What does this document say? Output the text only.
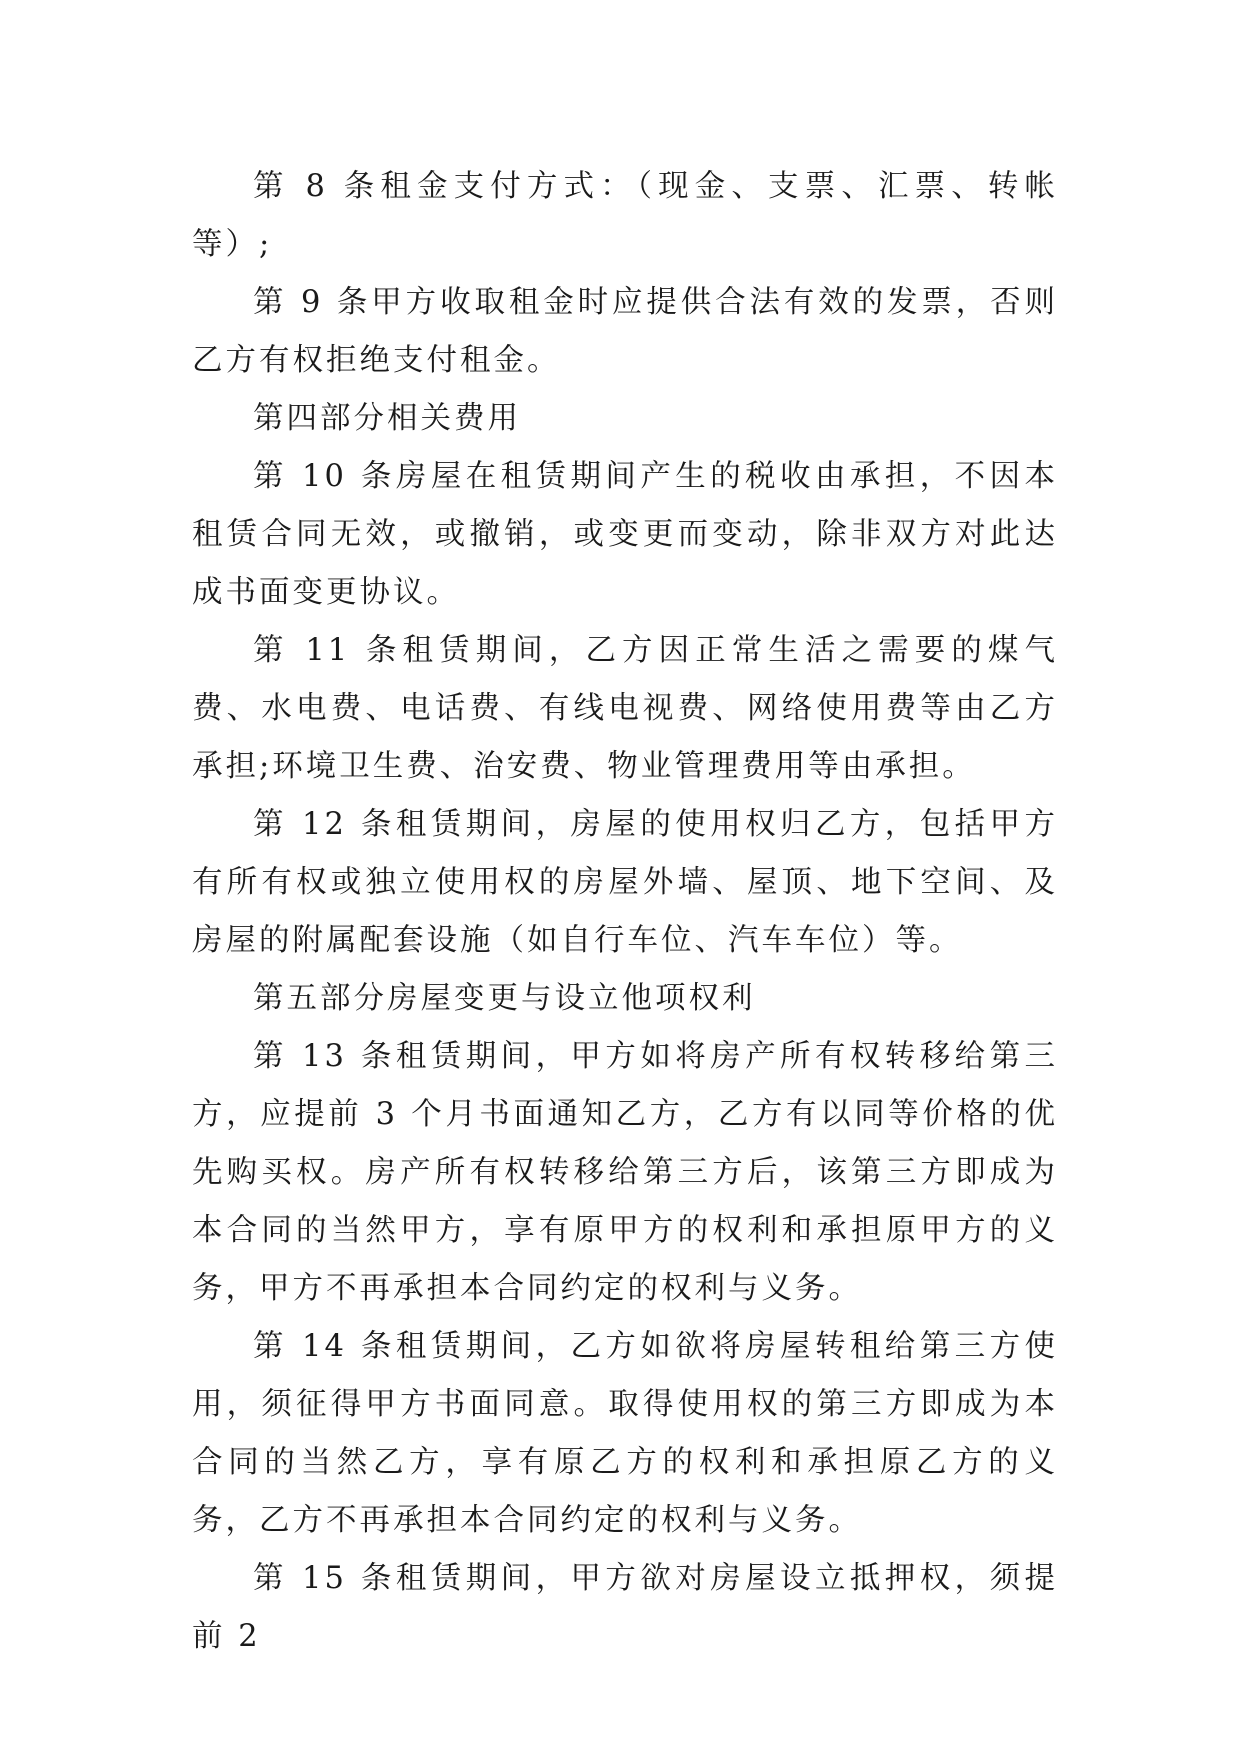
第 8 条租金支付方式：（现金、支票、汇票、转帐等）;

第 9 条甲方收取租金时应提供合法有效的发票，否则乙方有权拒绝支付租金。

第四部分相关费用

第 10 条房屋在租赁期间产生的税收由承担，不因本租赁合同无效，或撤销，或变更而变动，除非双方对此达成书面变更协议。

第 11 条租赁期间，乙方因正常生活之需要的煤气费、水电费、电话费、有线电视费、网络使用费等由乙方承担;环境卫生费、治安费、物业管理费用等由承担。

第 12 条租赁期间，房屋的使用权归乙方，包括甲方有所有权或独立使用权的房屋外墙、屋顶、地下空间、及房屋的附属配套设施（如自行车位、汽车车位）等。

第五部分房屋变更与设立他项权利

第 13 条租赁期间，甲方如将房产所有权转移给第三方，应提前 3 个月书面通知乙方，乙方有以同等价格的优先购买权。房产所有权转移给第三方后，该第三方即成为本合同的当然甲方，享有原甲方的权利和承担原甲方的义务，甲方不再承担本合同约定的权利与义务。

第 14 条租赁期间，乙方如欲将房屋转租给第三方使用，须征得甲方书面同意。取得使用权的第三方即成为本合同的当然乙方，享有原乙方的权利和承担原乙方的义务，乙方不再承担本合同约定的权利与义务。

第 15 条租赁期间，甲方欲对房屋设立抵押权，须提前 2
